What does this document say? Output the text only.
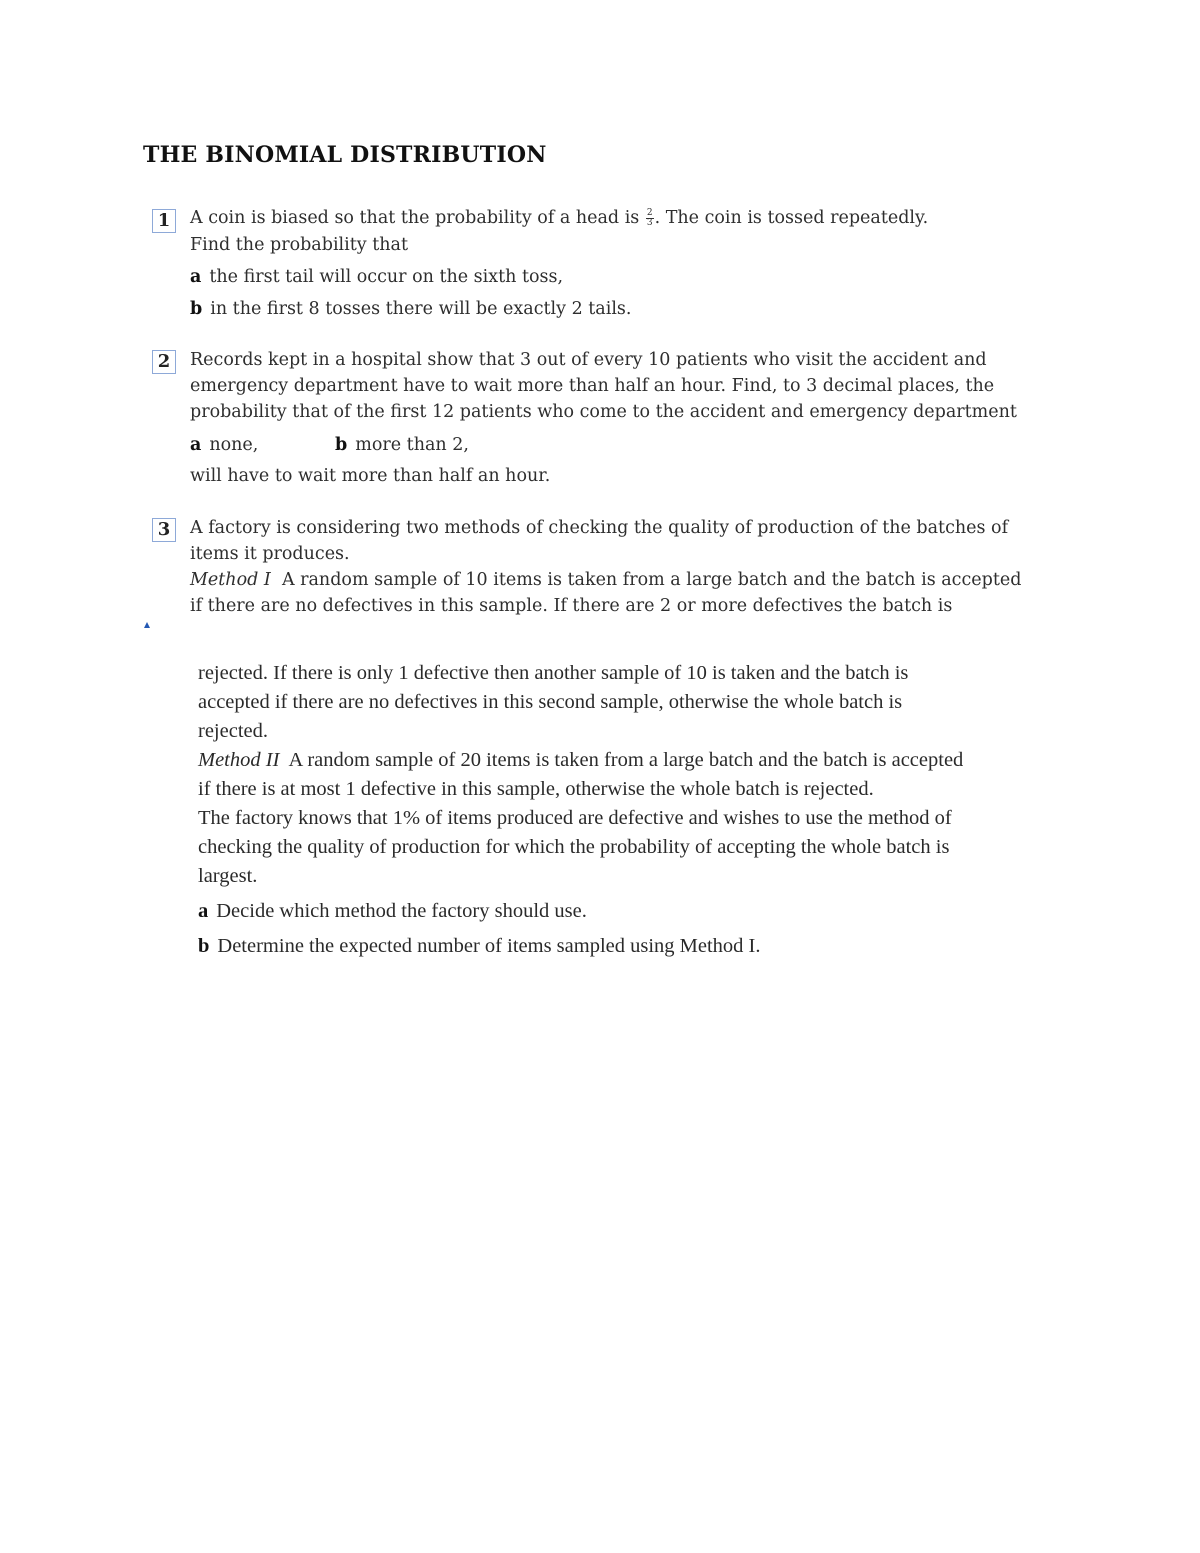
THE BINOMIAL DISTRIBUTION
1	A coin is biased so that the probability of a head is $\frac{2}{3}$ . The coin is tossed repeatedly.
Find the probability that
a the first tail will occur on the sixth toss,
b in the first 8 tosses there will be exactly 2 tails.
2	Records kept in a hospital show that 3 out of every 10 patients who visit the accident and
emergency department have to wait more than half an hour. Find, to 3 decimal places, the
probability that of the first 12 patients who come to the accident and emergency department
a none,	b more than 2,
will have to wait more than half an hour.
3	A factory is considering two methods of checking the quality of production of the batches of
items it produces.
Method I A random sample of 10 items is taken from a large batch and the batch is accepted
if there are no defectives in this sample. If there are 2 or more defectives the batch is
rejected. If there is only 1 defective then another sample of 10 is taken and the batch is
accepted if there are no defectives in this second sample, otherwise the whole batch is
rejected.
Method II A random sample of 20 items is taken from a large batch and the batch is accepted
if there is at most 1 defective in this sample, otherwise the whole batch is rejected.
The factory knows that 1% of items produced are defective and wishes to use the method of
checking the quality of production for which the probability of accepting the whole batch is
largest.
a Decide which method the factory should use.
b Determine the expected number of items sampled using Method I.
